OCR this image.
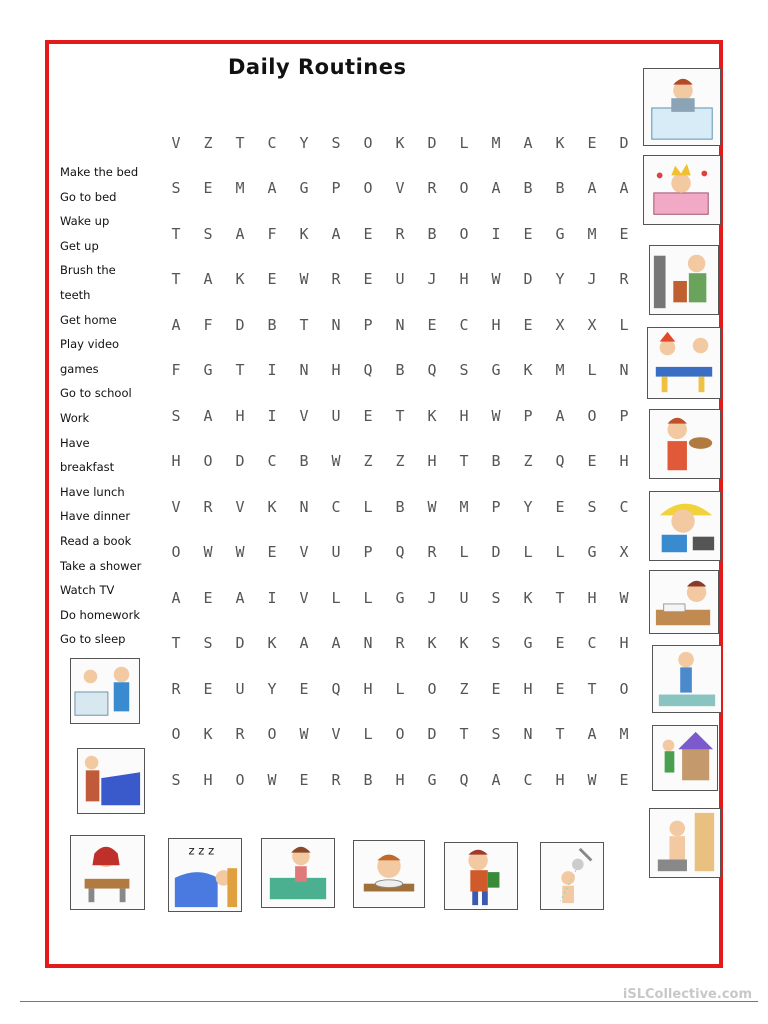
Daily Routines
Make the bed
Go to bed
Wake up
Get up
Brush the
teeth
Get home
Play video
games
Go to school
Work
Have
breakfast
Have lunch
Have dinner
Read a book
Take a shower
Watch TV
Do homework
Go to sleep
V	Z	T	C	Y	S	O	K	D	L	M	A	K	E	D
S	E	M	A	G	P	O	V	R	O	A	B	B	A	A
T	S	A	F	K	A	E	R	B	O	I	E	G	M	E
T	A	K	E	W	R	E	U	J	H	W	D	Y	J	R
A	F	D	B	T	N	P	N	E	C	H	E	X	X	L
F	G	T	I	N	H	Q	B	Q	S	G	K	M	L	N
S	A	H	I	V	U	E	T	K	H	W	P	A	O	P
H	O	D	C	B	W	Z	Z	H	T	B	Z	Q	E	H
V	R	V	K	N	C	L	B	W	M	P	Y	E	S	C
O	W	W	E	V	U	P	Q	R	L	D	L	L	G	X
A	E	A	I	V	L	L	G	J	U	S	K	T	H	W
T	S	D	K	A	A	N	R	K	K	S	G	E	C	H
R	E	U	Y	E	Q	H	L	O	Z	E	H	E	T	O
O	K	R	O	W	V	L	O	D	T	S	N	T	A	M
S	H	O	W	E	R	B	H	G	Q	A	C	H	W	E
z z z
iSLCollective.com
